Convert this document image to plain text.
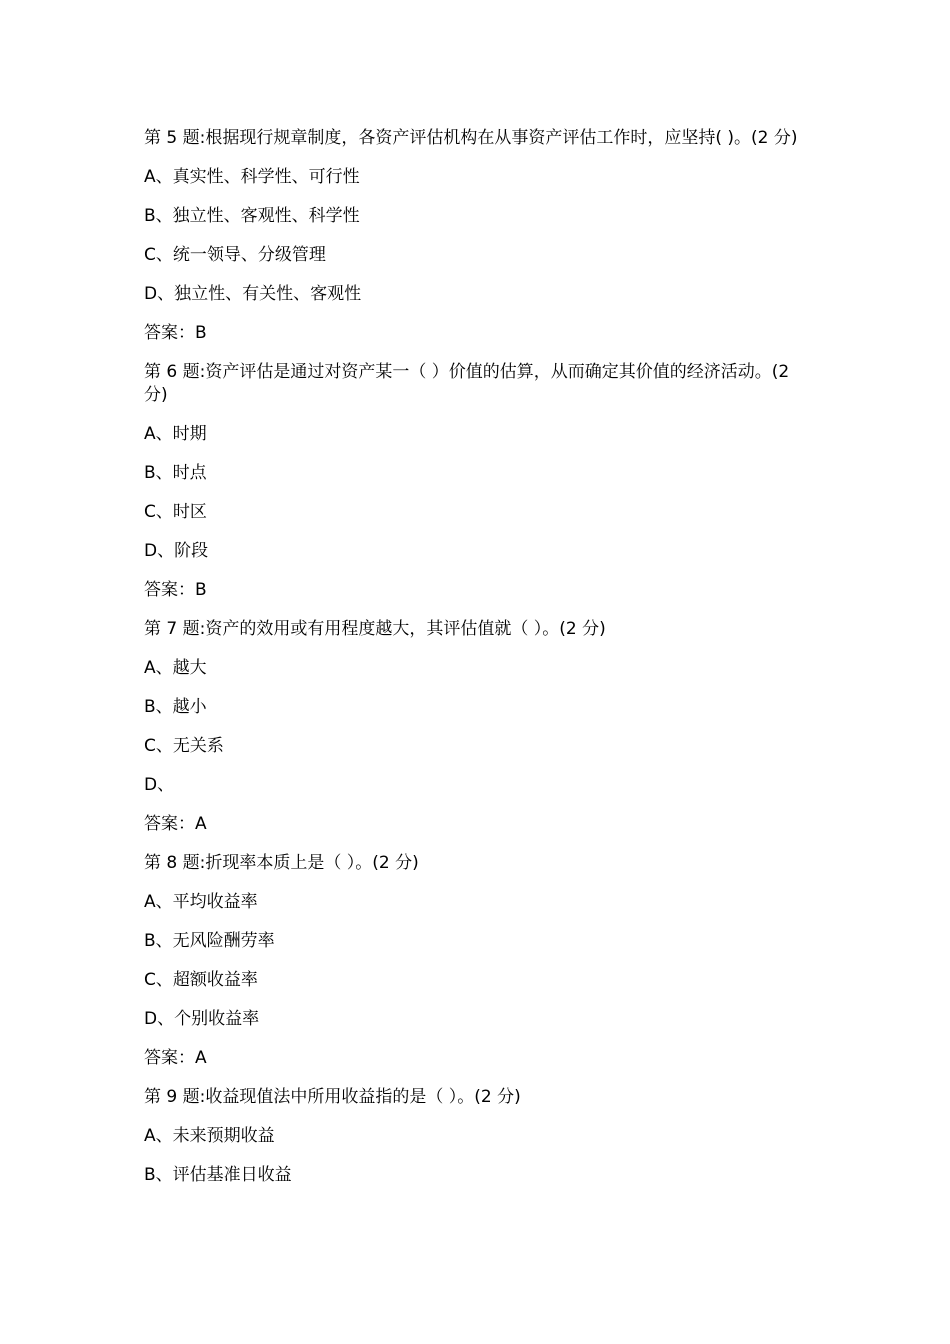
第 5 题:根据现行规章制度，各资产评估机构在从事资产评估工作时，应坚持( )。(2 分)

A、真实性、科学性、可行性

B、独立性、客观性、科学性

C、统一领导、分级管理

D、独立性、有关性、客观性

答案：B

第 6 题:资产评估是通过对资产某一（ ）价值的估算，从而确定其价值的经济活动。(2 分)

A、时期

B、时点

C、时区

D、阶段

答案：B

第 7 题:资产的效用或有用程度越大，其评估值就（ ）。(2 分)

A、越大

B、越小

C、无关系

D、

答案：A

第 8 题:折现率本质上是（ ）。(2 分)

A、平均收益率

B、无风险酬劳率

C、超额收益率

D、个别收益率

答案：A

第 9 题:收益现值法中所用收益指的是（ ）。(2 分)

A、未来预期收益

B、评估基准日收益
